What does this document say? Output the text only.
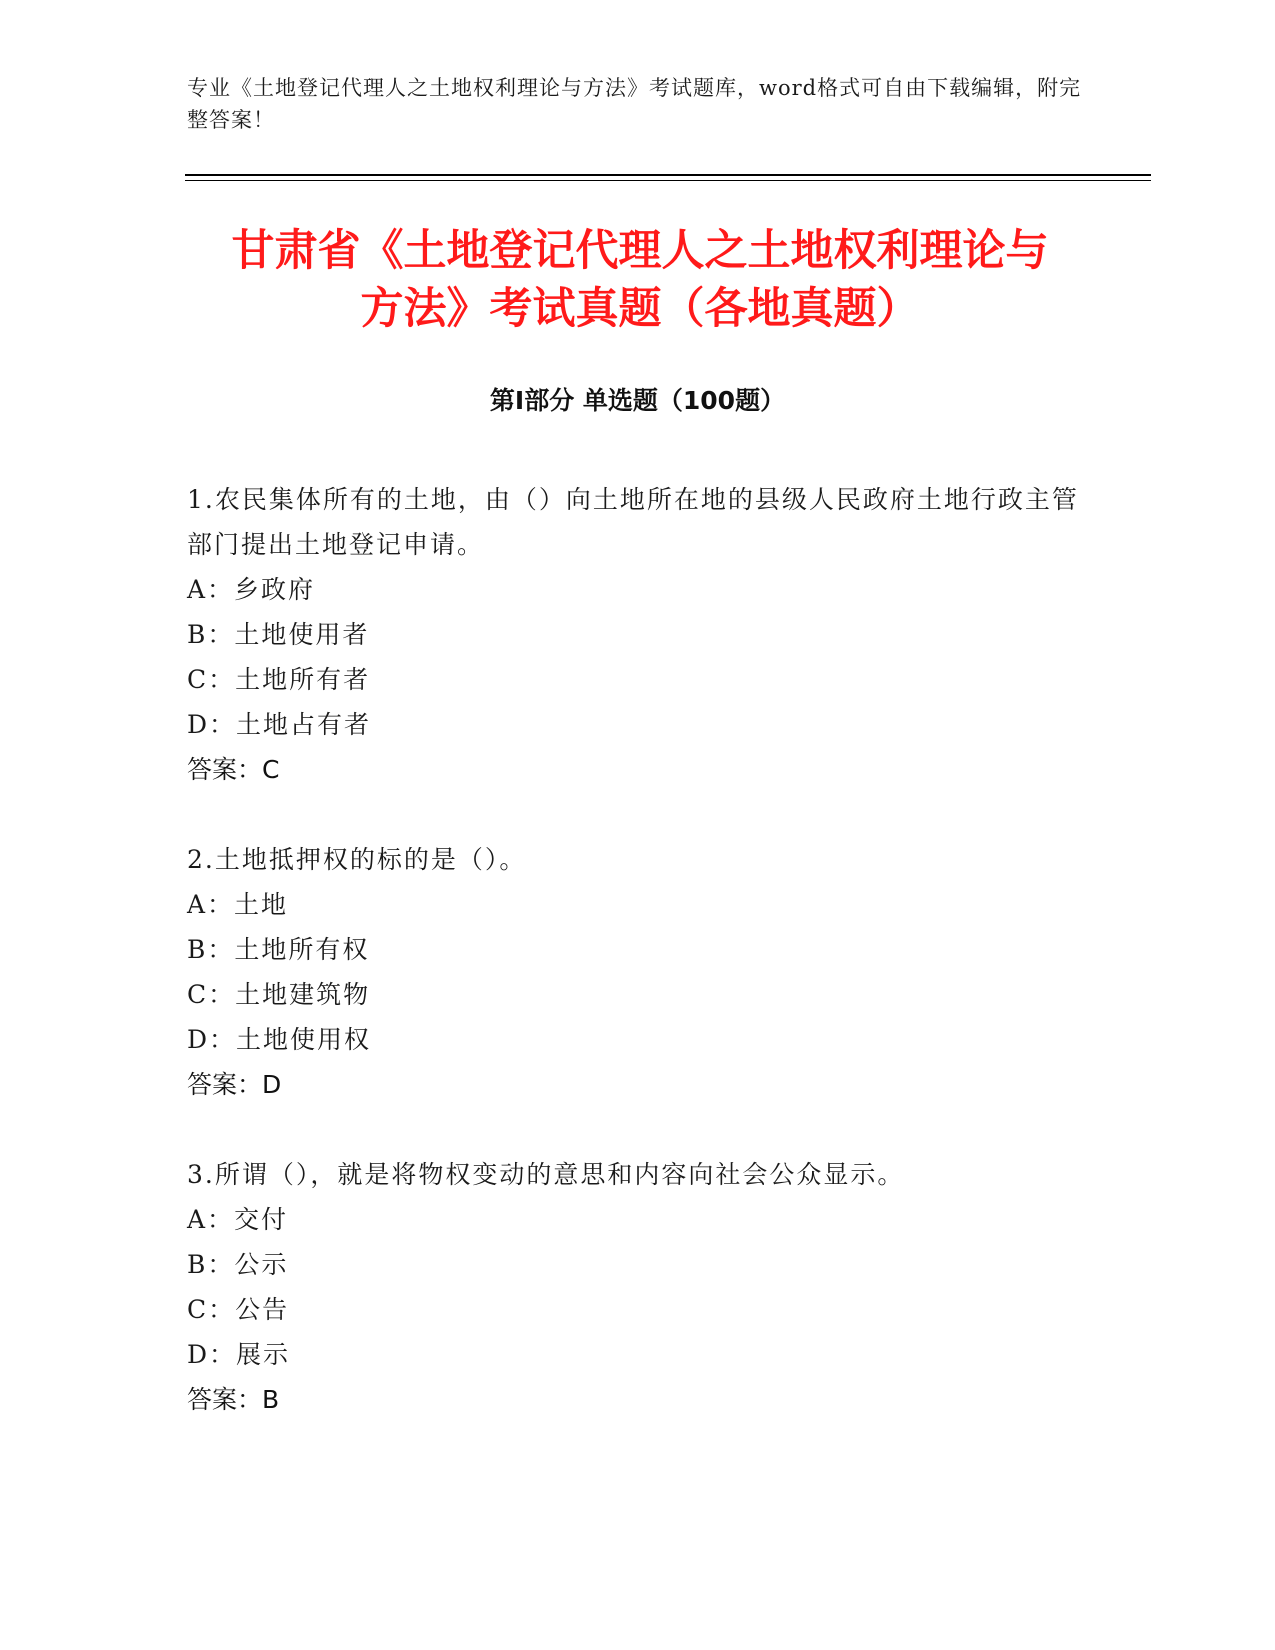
专业《土地登记代理人之土地权利理论与方法》考试题库，word格式可自由下载编辑，附完整答案！
甘肃省《土地登记代理人之土地权利理论与
方法》考试真题（各地真题）
第I部分 单选题（100题）
1.农民集体所有的土地，由（）向土地所在地的县级人民政府土地行政主管部门提出土地登记申请。
A：乡政府
B：土地使用者
C：土地所有者
D：土地占有者
答案：C
2.土地抵押权的标的是（）。
A：土地
B：土地所有权
C：土地建筑物
D：土地使用权
答案：D
3.所谓（），就是将物权变动的意思和内容向社会公众显示。
A：交付
B：公示
C：公告
D：展示
答案：B
